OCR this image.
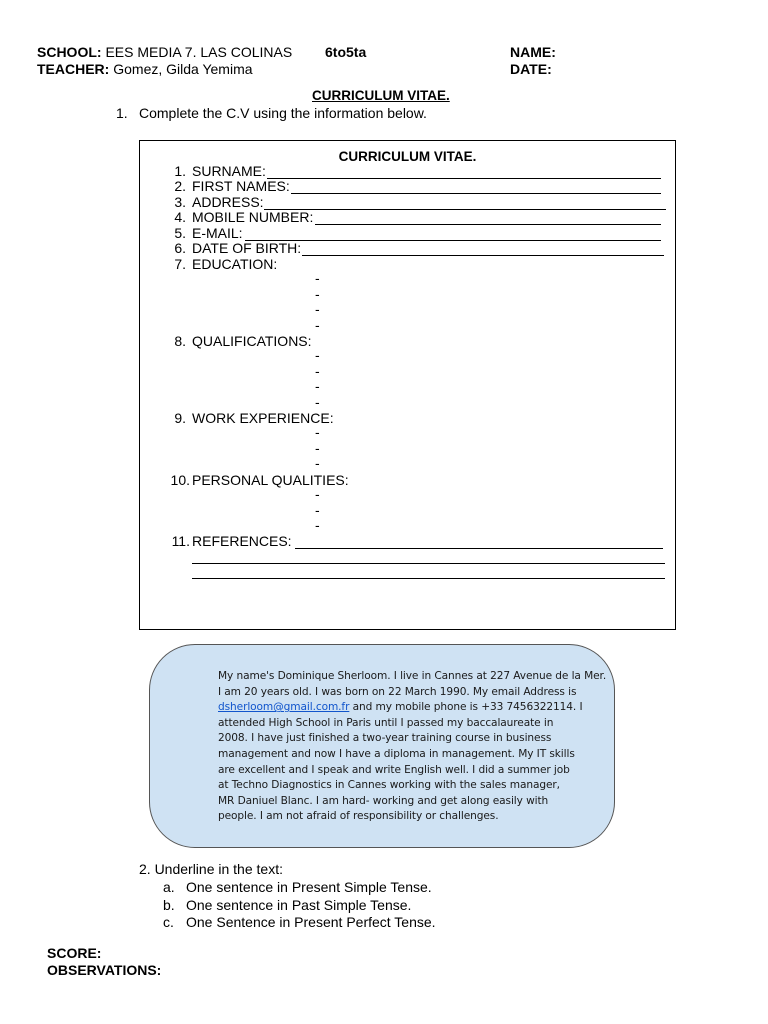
SCHOOL: EES MEDIA 7. LAS COLINAS 6to5ta	NAME:
TEACHER: Gomez, Gilda Yemima	DATE:
CURRICULUM VITAE.
1. Complete the C.V using the information below.
CURRICULUM VITAE.
1. SURNAME:
2. FIRST NAMES:
3. ADDRESS:
4. MOBILE NUMBER:
5. E-MAIL:
6. DATE OF BIRTH:
7. EDUCATION:
-
-
-
-
8. QUALIFICATIONS:
-
-
-
-
9. WORK EXPERIENCE:
-
-
-
10. PERSONAL QUALITIES:
-
-
-
11. REFERENCES:
My name's Dominique Sherloom. I live in Cannes at 227 Avenue de la Mer.
I am 20 years old. I was born on 22 March 1990. My email Address is
dsherloom@gmail.com.fr and my mobile phone is +33 7456322114. I
attended High School in Paris until I passed my baccalaureate in
2008. I have just finished a two-year training course in business
management and now I have a diploma in management. My IT skills
are excellent and I speak and write English well. I did a summer job
at Techno Diagnostics in Cannes working with the sales manager,
MR Daniuel Blanc. I am hard- working and get along easily with
people. I am not afraid of responsibility or challenges.
2. Underline in the text:
a. One sentence in Present Simple Tense.
b. One sentence in Past Simple Tense.
c. One Sentence in Present Perfect Tense.
SCORE:
OBSERVATIONS:
